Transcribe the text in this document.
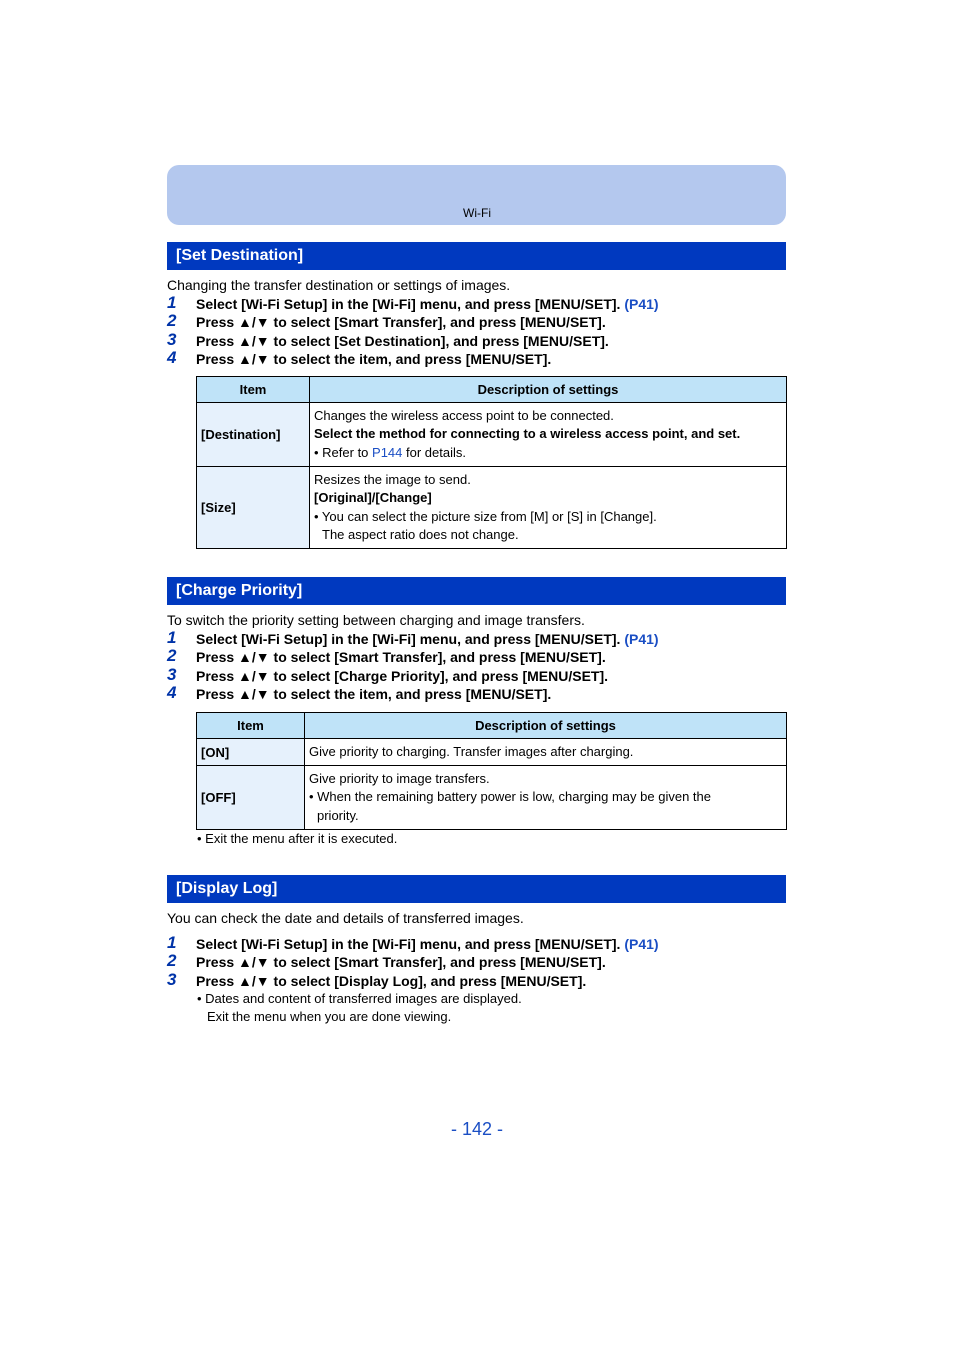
Wi-Fi
[Set Destination]
Changing the transfer destination or settings of images.
1	Select [Wi-Fi Setup] in the [Wi-Fi] menu, and press [MENU/SET]. (P41)
2	Press ▲/▼ to select [Smart Transfer], and press [MENU/SET].
3	Press ▲/▼ to select [Set Destination], and press [MENU/SET].
4	Press ▲/▼ to select the item, and press [MENU/SET].
Item	Description of settings
[Destination]	Changes the wireless access point to be connected.
Select the method for connecting to a wireless access point, and set.
• Refer to P144 for details.

[Size]	Resizes the image to send.
[Original]/[Change]
• You can select the picture size from [M] or [S] in [Change].
The aspect ratio does not change.
[Charge Priority]
To switch the priority setting between charging and image transfers.
1	Select [Wi-Fi Setup] in the [Wi-Fi] menu, and press [MENU/SET]. (P41)
2	Press ▲/▼ to select [Smart Transfer], and press [MENU/SET].
3	Press ▲/▼ to select [Charge Priority], and press [MENU/SET].
4	Press ▲/▼ to select the item, and press [MENU/SET].
Item	Description of settings
[ON]	Give priority to charging. Transfer images after charging.

[OFF]	Give priority to image transfers.
• When the remaining battery power is low, charging may be given the
priority.
• Exit the menu after it is executed.
[Display Log]
You can check the date and details of transferred images.
1	Select [Wi-Fi Setup] in the [Wi-Fi] menu, and press [MENU/SET]. (P41)
2	Press ▲/▼ to select [Smart Transfer], and press [MENU/SET].
3	Press ▲/▼ to select [Display Log], and press [MENU/SET].
• Dates and content of transferred images are displayed.
Exit the menu when you are done viewing.
- 142 -
